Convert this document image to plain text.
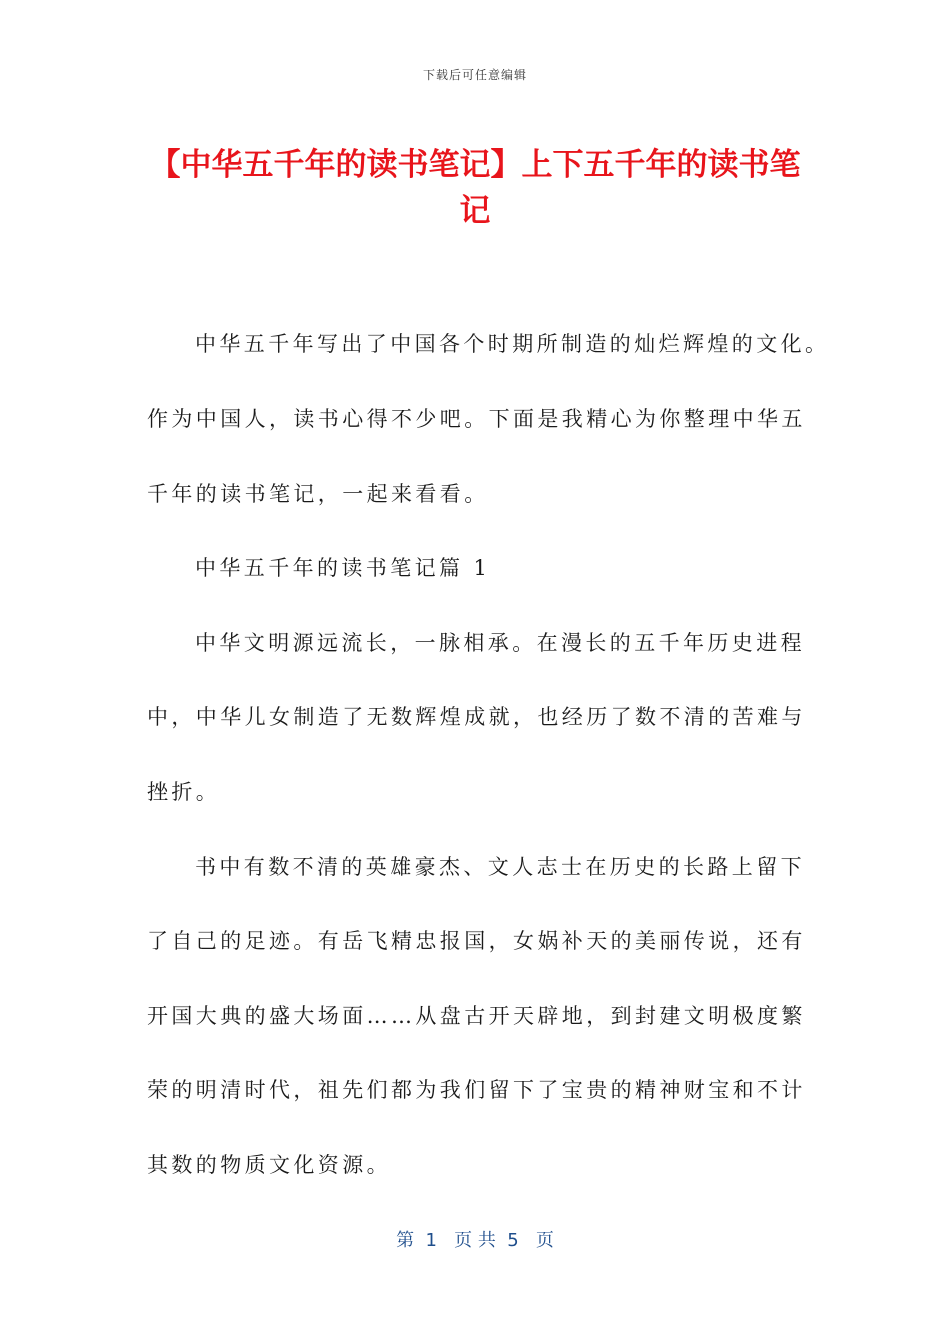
下载后可任意编辑
【中华五千年的读书笔记】上下五千年的读书笔记
中华五千年写出了中国各个时期所制造的灿烂辉煌的文化。
作为中国人，读书心得不少吧。下面是我精心为你整理中华五
千年的读书笔记，一起来看看。
中华五千年的读书笔记篇 1
中华文明源远流长，一脉相承。在漫长的五千年历史进程
中，中华儿女制造了无数辉煌成就，也经历了数不清的苦难与
挫折。
书中有数不清的英雄豪杰、文人志士在历史的长路上留下
了自己的足迹。有岳飞精忠报国，女娲补天的美丽传说，还有
开国大典的盛大场面……从盘古开天辟地，到封建文明极度繁
荣的明清时代，祖先们都为我们留下了宝贵的精神财宝和不计
其数的物质文化资源。
第  1   页 共  5   页
